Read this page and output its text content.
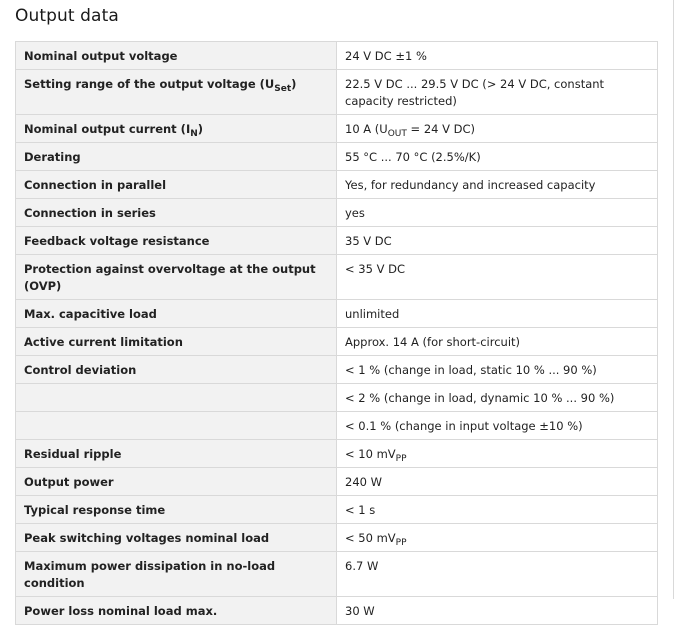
Output data
Nominal output voltage	24 V DC ±1 %
Setting range of the output voltage $(U_{Set})$	22.5 V DC ... 29.5 V DC (> 24 V DC, constant capacity restricted)
Nominal output current $(I_N)$	10 A ($U_{OUT} = 24$ V DC)
Derating	55 °C ... 70 °C (2.5%/K)
Connection in parallel	Yes, for redundancy and increased capacity
Connection in series	yes
Feedback voltage resistance	35 V DC
Protection against overvoltage at the output (OVP)	< 35 V DC
Max. capacitive load	unlimited
Active current limitation	Approx. 14 A (for short-circuit)
Control deviation	< 1 % (change in load, static 10 % ... 90 %)
	< 2 % (change in load, dynamic 10 % ... 90 %)
	< 0.1 % (change in input voltage ±10 %)
Residual ripple	< 10 $mV_{PP}$
Output power	240 W
Typical response time	< 1 s
Peak switching voltages nominal load	< 50 $mV_{PP}$
Maximum power dissipation in no-load condition	6.7 W
Power loss nominal load max.	30 W
